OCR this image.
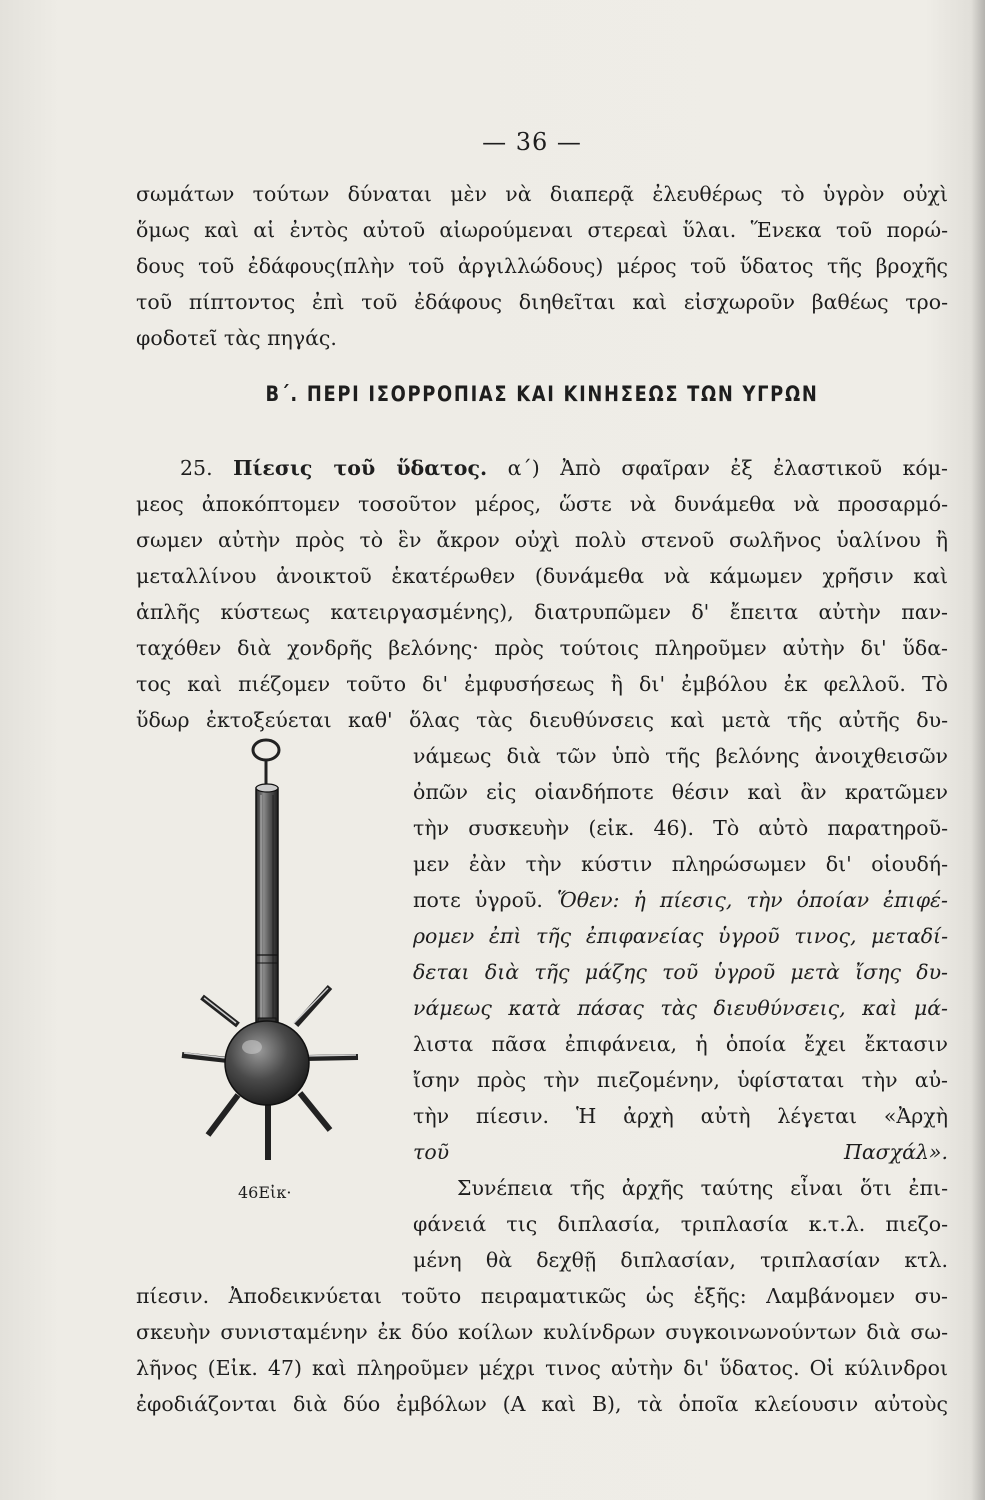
— 36 —
σωμάτων τούτων δύναται μὲν νὰ διαπερᾷ ἐλευθέρως τὸ ὑγρὸν οὐχὶ
ὅμως καὶ αἱ ἐντὸς αὐτοῦ αἰωρούμεναι στερεαὶ ὕλαι. Ἕνεκα τοῦ πορώ-
δους τοῦ ἐδάφους(πλὴν τοῦ ἀργιλλώδους) μέρος τοῦ ὕδατος τῆς βροχῆς
τοῦ πίπτοντος ἐπὶ τοῦ ἐδάφους διηθεῖται καὶ εἰσχωροῦν βαθέως τρο-
φοδοτεῖ τὰς πηγάς.
Β΄. ΠΕΡΙ ΙΣΟΡΡΟΠΙΑΣ ΚΑΙ ΚΙΝΗΣΕΩΣ ΤΩΝ ΥΓΡΩΝ
25. Πίεσις τοῦ ὕδατος. α΄) Ἀπὸ σφαῖραν ἐξ ἐλαστικοῦ κόμ-
μεος ἀποκόπτομεν τοσοῦτον μέρος, ὥστε νὰ δυνάμεθα νὰ προσαρμό-
σωμεν αὐτὴν πρὸς τὸ ἓν ἄκρον οὐχὶ πολὺ στενοῦ σωλῆνος ὑαλίνου ἢ
μεταλλίνου ἀνοικτοῦ ἑκατέρωθεν (δυνάμεθα νὰ κάμωμεν χρῆσιν καὶ
ἁπλῆς κύστεως κατειργασμένης), διατρυπῶμεν δ' ἔπειτα αὐτὴν παν-
ταχόθεν διὰ χονδρῆς βελόνης· πρὸς τούτοις πληροῦμεν αὐτὴν δι' ὕδα-
τος καὶ πιέζομεν τοῦτο δι' ἐμφυσήσεως ἢ δι' ἐμβόλου ἐκ φελλοῦ. Τὸ
ὕδωρ ἐκτοξεύεται καθ' ὅλας τὰς διευθύνσεις καὶ μετὰ τῆς αὐτῆς δυ-
νάμεως διὰ τῶν ὑπὸ τῆς βελόνης ἀνοιχθεισῶν
ὀπῶν εἰς οἱανδήποτε θέσιν καὶ ἂν κρατῶμεν
τὴν συσκευὴν (εἰκ. 46). Τὸ αὐτὸ παρατηροῦ-
μεν ἐὰν τὴν κύστιν πληρώσωμεν δι' οἱουδή-
ποτε ὑγροῦ. Ὅθεν: ἡ πίεσις, τὴν ὁποίαν ἐπιφέ-
ρομεν ἐπὶ τῆς ἐπιφανείας ὑγροῦ τινος, μεταδί-
δεται διὰ τῆς μάζης τοῦ ὑγροῦ μετὰ ἴσης δυ-
νάμεως κατὰ πάσας τὰς διευθύνσεις, καὶ μά-
λιστα πᾶσα ἐπιφάνεια, ἡ ὁποία ἔχει ἔκτασιν
ἴσην πρὸς τὴν πιεζομένην, ὑφίσταται τὴν αὐ-
τὴν πίεσιν. Ἡ ἀρχὴ αὐτὴ λέγεται «Ἀρχὴ
τοῦ Πασχάλ».
Συνέπεια τῆς ἀρχῆς ταύτης εἶναι ὅτι ἐπι-
φάνειά τις διπλασία, τριπλασία κ.τ.λ. πιεζο-
μένη θὰ δεχθῇ διπλασίαν, τριπλασίαν κτλ.
πίεσιν. Ἀποδεικνύεται τοῦτο πειραματικῶς ὡς ἑξῆς: Λαμβάνομεν συ-
σκευὴν συνισταμένην ἐκ δύο κοίλων κυλίνδρων συγκοινωνούντων διὰ σω-
λῆνος (Εἰκ. 47) καὶ πληροῦμεν μέχρι τινος αὐτὴν δι' ὕδατος. Οἱ κύλινδροι
ἐφοδιάζονται διὰ δύο ἐμβόλων (Α καὶ Β), τὰ ὁποῖα κλείουσιν αὐτοὺς
46Εἰκ·
